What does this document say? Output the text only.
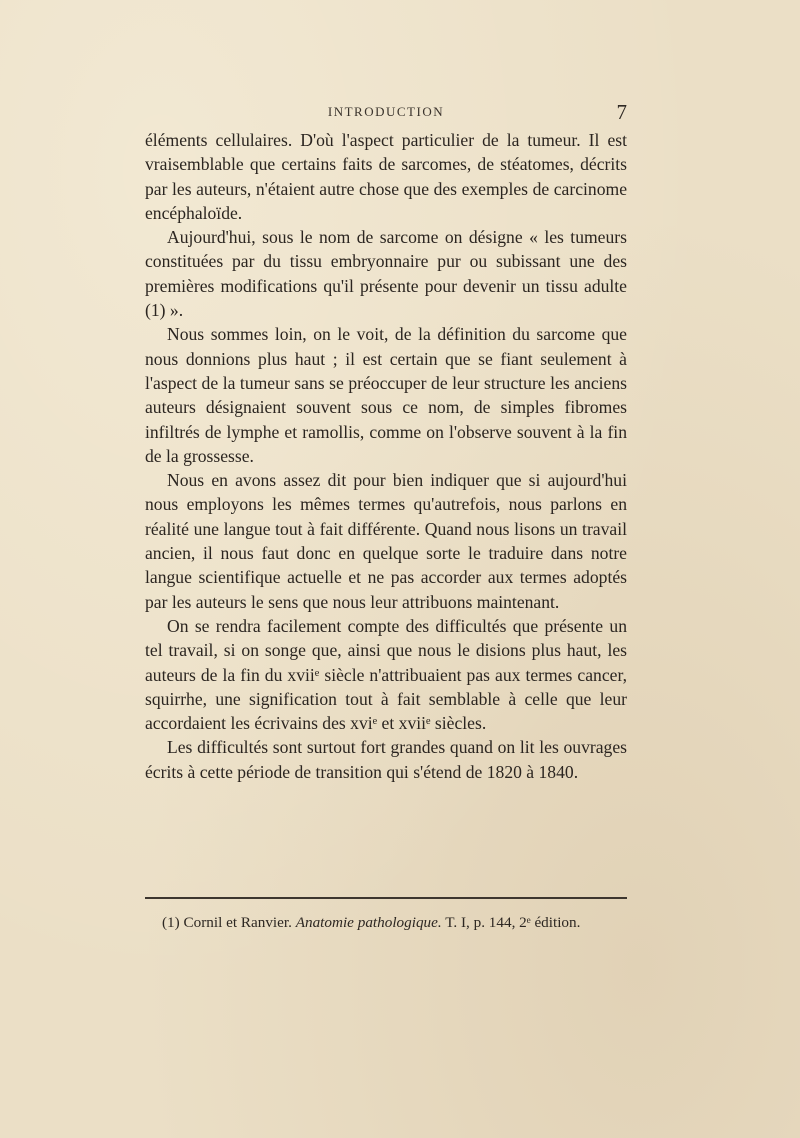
INTRODUCTION	7

éléments cellulaires. D'où l'aspect particulier de la tumeur. Il est vraisemblable que certains faits de sarcomes, de stéatomes, décrits par les auteurs, n'étaient autre chose que des exemples de carcinome encéphaloïde.

Aujourd'hui, sous le nom de sarcome on désigne « les tumeurs constituées par du tissu embryonnaire pur ou subissant une des premières modifications qu'il présente pour devenir un tissu adulte (1) ».

Nous sommes loin, on le voit, de la définition du sarcome que nous donnions plus haut ; il est certain que se fiant seulement à l'aspect de la tumeur sans se préoccuper de leur structure les anciens auteurs désignaient souvent sous ce nom, de simples fibromes infiltrés de lymphe et ramollis, comme on l'observe souvent à la fin de la grossesse.

Nous en avons assez dit pour bien indiquer que si aujourd'hui nous employons les mêmes termes qu'autrefois, nous parlons en réalité une langue tout à fait différente. Quand nous lisons un travail ancien, il nous faut donc en quelque sorte le traduire dans notre langue scientifique actuelle et ne pas accorder aux termes adoptés par les auteurs le sens que nous leur attribuons maintenant.

On se rendra facilement compte des difficultés que présente un tel travail, si on songe que, ainsi que nous le disions plus haut, les auteurs de la fin du xviiᵉ siècle n'attribuaient pas aux termes cancer, squirrhe, une signification tout à fait semblable à celle que leur accordaient les écrivains des xviᵉ et xviiᵉ siècles.

Les difficultés sont surtout fort grandes quand on lit les ouvrages écrits à cette période de transition qui s'étend de 1820 à 1840.

(1) Cornil et Ranvier. Anatomie pathologique. T. I, p. 144, 2ᵉ édition.
